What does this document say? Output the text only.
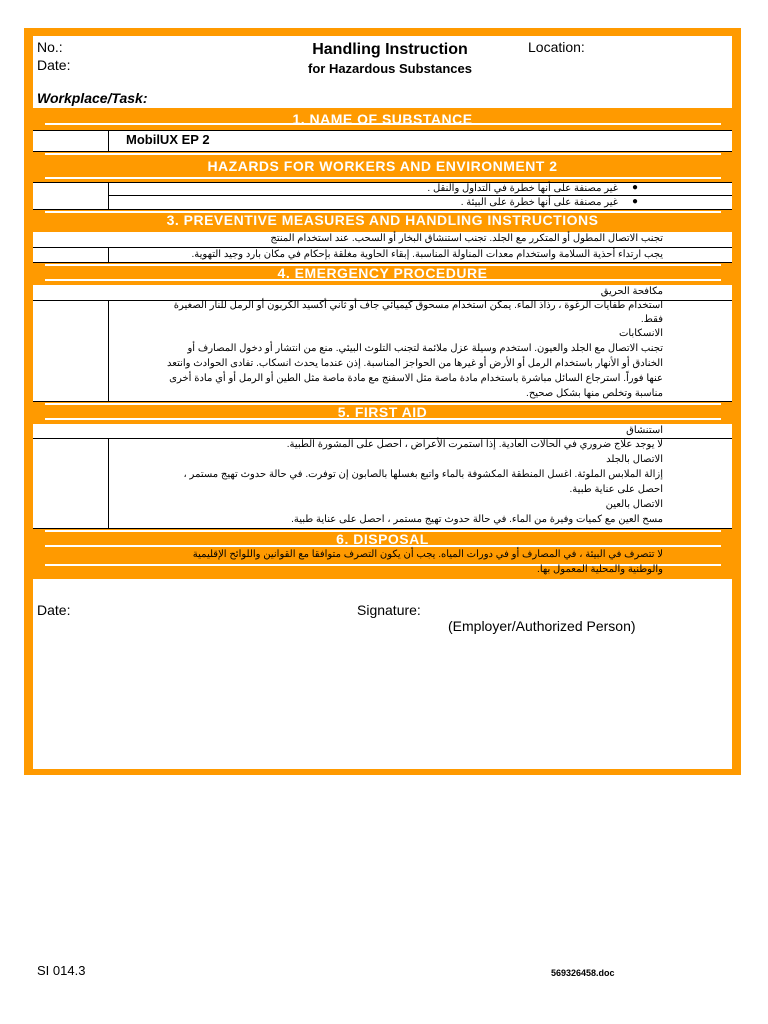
No.:
Date:
Handling Instruction
for Hazardous Substances
Location:
Workplace/Task:
1. NAME OF SUBSTANCE
MobilUX EP 2
HAZARDS FOR WORKERS AND ENVIRONMENT 2
●
●
غير مصنفة على أنها خطرة في التداول والنقل .
غير مصنفة على أنها خطرة على البيئة .
3. PREVENTIVE MEASURES AND HANDLING INSTRUCTIONS
تجنب الاتصال المطول أو المتكرر مع الجلد. تجنب استنشاق البخار أو السحب. عند استخدام المنتج
يجب ارتداء أحذية السلامة واستخدام معدات المناولة المناسبة. إبقاء الحاوية مغلقة بإحكام في مكان بارد وجيد التهوية.
4. EMERGENCY PROCEDURE
مكافحة الحريق
استخدام طفايات الرغوة ، رذاذ الماء. يمكن استخدام مسحوق كيميائي جاف أو ثاني أكسيد الكربون أو الرمل للنار الصغيرة
فقط.
الانسكابات
تجنب الاتصال مع الجلد والعيون. استخدم وسيلة عزل ملائمة لتجنب التلوث البيئي. منع من انتشار أو دخول المصارف أو
الخنادق أو الأنهار باستخدام الرمل أو الأرض أو غيرها من الحواجز المناسبة. إذن عندما يحدث انسكاب. تفادى الحوادث وانتعد
عنها فوراً. استرجاع السائل مباشرة باستخدام مادة ماصة مثل الاسفنج مع مادة ماصة مثل الطين أو الرمل أو أي مادة أخرى
مناسبة وتخلص منها بشكل صحيح.
5. FIRST AID
استنشاق
لا يوجد علاج ضروري في الحالات العادية. إذا استمرت الأعراض ، احصل على المشورة الطبية.
الاتصال بالجلد
إزالة الملابس الملوثة. اغسل المنطقة المكشوفة بالماء واتبع بغسلها بالصابون إن توفرت. في حالة حدوث تهيج مستمر ،
احصل على عناية طبية.
الاتصال بالعين
مسح العين مع كميات وفيرة من الماء. في حالة حدوث تهيج مستمر ، احصل على عناية طبية.
6. DISPOSAL
لا تتصرف في البيئة ، في المصارف أو في دورات المياه. يجب أن يكون التصرف متوافقا مع القوانين واللوائح الإقليمية
والوطنية والمحلية المعمول بها.
Date:	Signature:
(Employer/Authorized Person)
SI 014.3	569326458.doc
